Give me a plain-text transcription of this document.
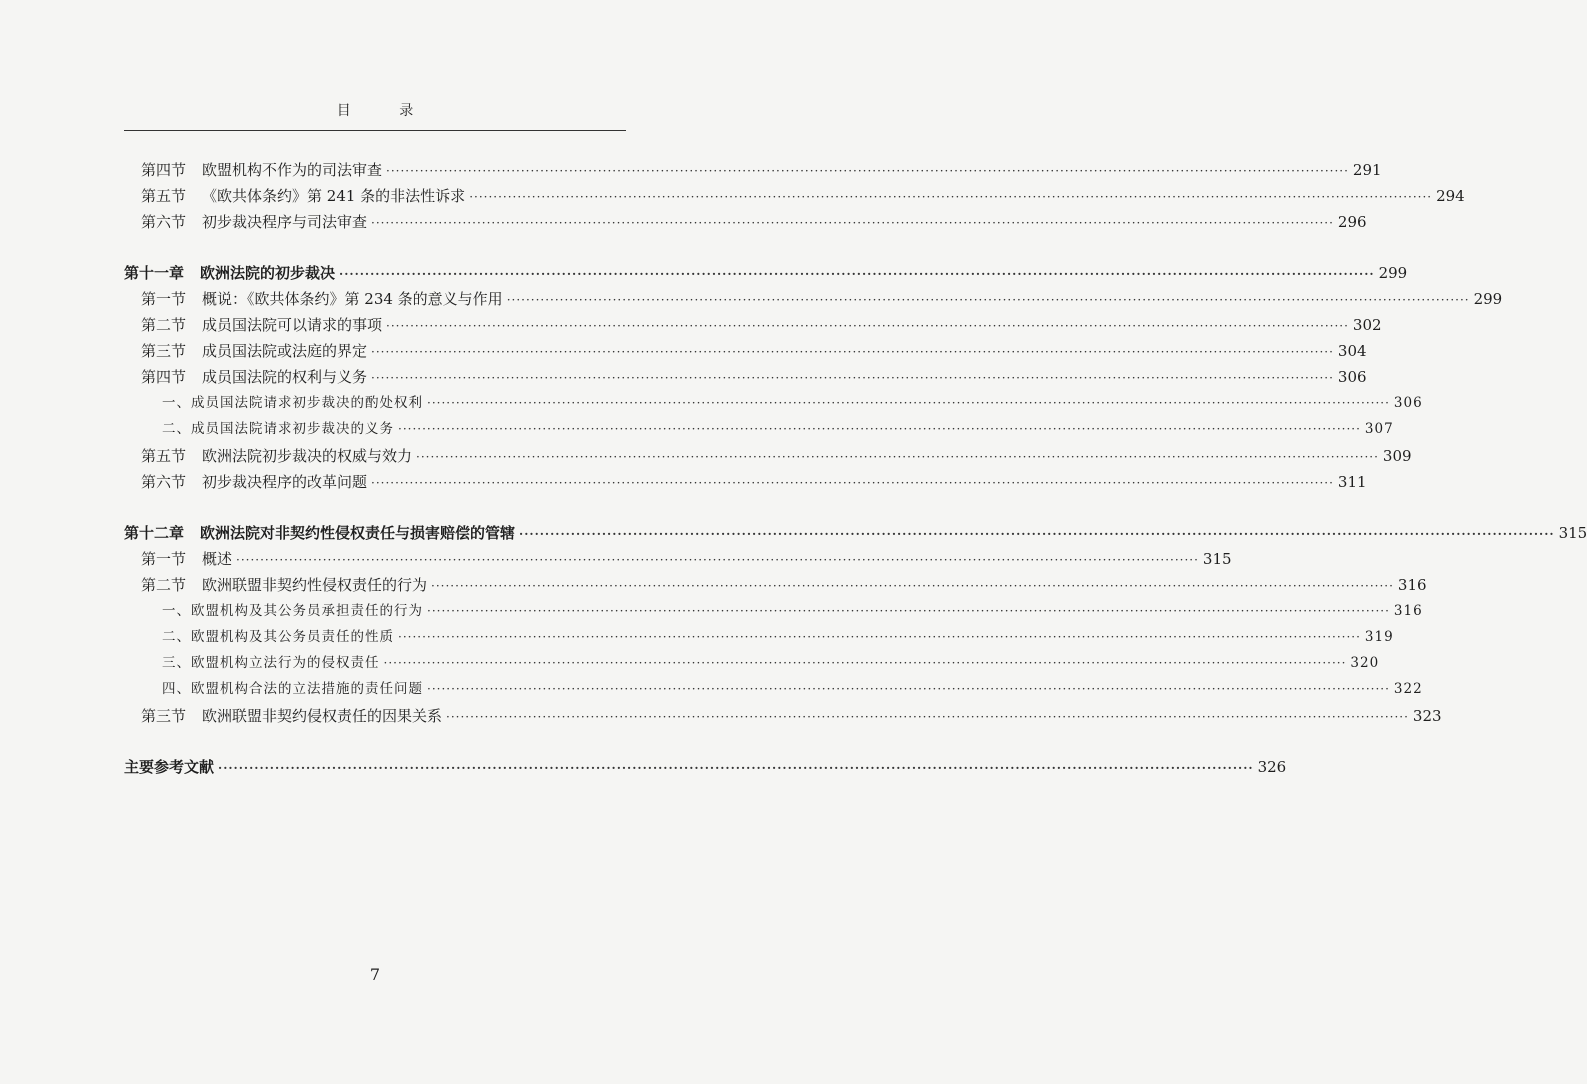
目 录
第四节 欧盟机构不作为的司法审查 ········································································································································································································ 291
第五节 《欧共体条约》第 241 条的非法性诉求 ········································································································································································································ 294
第六节 初步裁决程序与司法审查 ········································································································································································································ 296
第十一章 欧洲法院的初步裁决 ········································································································································································································ 299
第一节 概说：《欧共体条约》第 234 条的意义与作用 ········································································································································································································ 299
第二节 成员国法院可以请求的事项 ········································································································································································································ 302
第三节 成员国法院或法庭的界定 ········································································································································································································ 304
第四节 成员国法院的权利与义务 ········································································································································································································ 306
一、成员国法院请求初步裁决的酌处权利 ········································································································································································································ 306
二、成员国法院请求初步裁决的义务 ········································································································································································································ 307
第五节 欧洲法院初步裁决的权威与效力 ········································································································································································································ 309
第六节 初步裁决程序的改革问题 ········································································································································································································ 311
第十二章 欧洲法院对非契约性侵权责任与损害赔偿的管辖 ········································································································································································································ 315
第一节 概述 ········································································································································································································ 315
第二节 欧洲联盟非契约性侵权责任的行为 ········································································································································································································ 316
一、欧盟机构及其公务员承担责任的行为 ········································································································································································································ 316
二、欧盟机构及其公务员责任的性质 ········································································································································································································ 319
三、欧盟机构立法行为的侵权责任 ········································································································································································································ 320
四、欧盟机构合法的立法措施的责任问题 ········································································································································································································ 322
第三节 欧洲联盟非契约侵权责任的因果关系 ········································································································································································································ 323
主要参考文献 ········································································································································································································ 326
7
